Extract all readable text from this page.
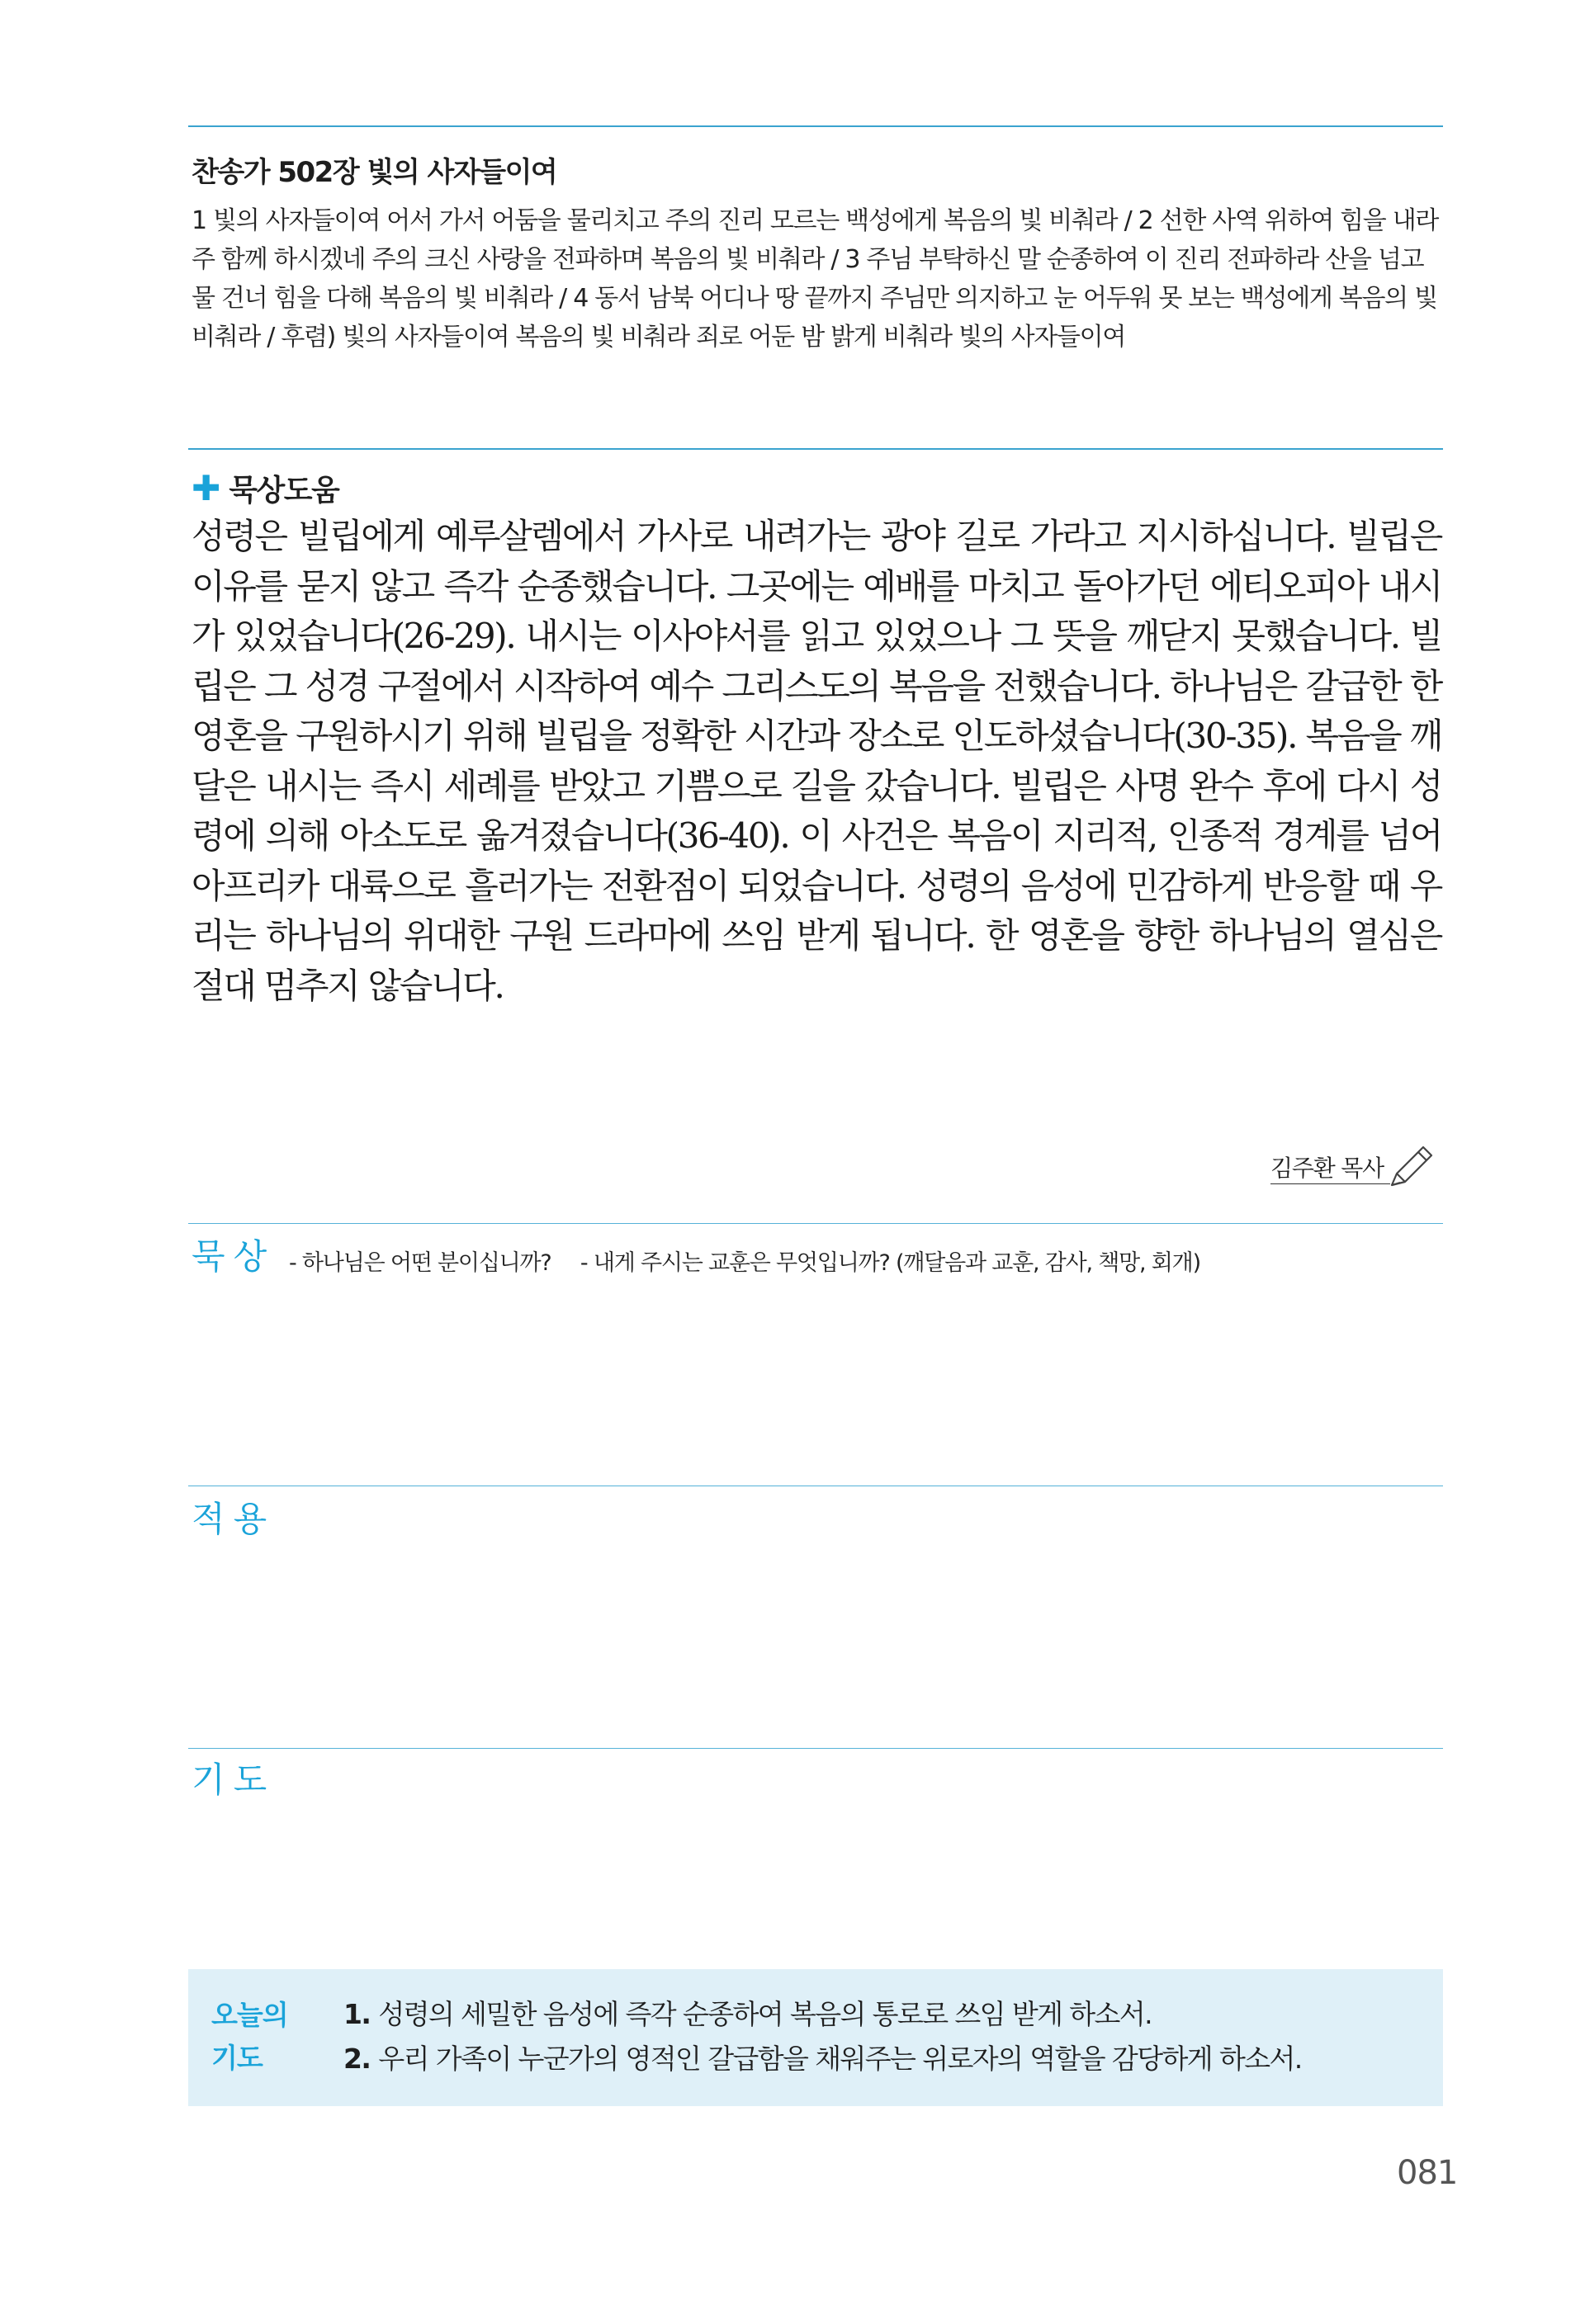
찬송가 502장 빛의 사자들이여
1 빛의 사자들이여 어서 가서 어둠을 물리치고 주의 진리 모르는 백성에게 복음의 빛 비춰라 / 2 선한 사역 위하여 힘을 내라 주 함께 하시겠네 주의 크신 사랑을 전파하며 복음의 빛 비춰라 / 3 주님 부탁하신 말 순종하여 이 진리 전파하라 산을 넘고 물 건너 힘을 다해 복음의 빛 비춰라 / 4 동서 남북 어디나 땅 끝까지 주님만 의지하고 눈 어두워 못 보는 백성에게 복음의 빛 비춰라 / 후렴) 빛의 사자들이여 복음의 빛 비춰라 죄로 어둔 밤 밝게 비춰라 빛의 사자들이여
✚ 묵상도움
성령은 빌립에게 예루살렘에서 가사로 내려가는 광야 길로 가라고 지시하십니다. 빌립은 이유를 묻지 않고 즉각 순종했습니다. 그곳에는 예배를 마치고 돌아가던 에티오피아 내시가 있었습니다(26-29). 내시는 이사야서를 읽고 있었으나 그 뜻을 깨닫지 못했습니다. 빌립은 그 성경 구절에서 시작하여 예수 그리스도의 복음을 전했습니다. 하나님은 갈급한 한 영혼을 구원하시기 위해 빌립을 정확한 시간과 장소로 인도하셨습니다(30-35). 복음을 깨달은 내시는 즉시 세례를 받았고 기쁨으로 길을 갔습니다. 빌립은 사명 완수 후에 다시 성령에 의해 아소도로 옮겨졌습니다(36-40). 이 사건은 복음이 지리적, 인종적 경계를 넘어 아프리카 대륙으로 흘러가는 전환점이 되었습니다. 성령의 음성에 민감하게 반응할 때 우리는 하나님의 위대한 구원 드라마에 쓰임 받게 됩니다. 한 영혼을 향한 하나님의 열심은 절대 멈추지 않습니다.
김주환 목사
묵상 - 하나님은 어떤 분이십니까? - 내게 주시는 교훈은 무엇입니까? (깨달음과 교훈, 감사, 책망, 회개)
적용
기도
오늘의
기도
1. 성령의 세밀한 음성에 즉각 순종하여 복음의 통로로 쓰임 받게 하소서.
2. 우리 가족이 누군가의 영적인 갈급함을 채워주는 위로자의 역할을 감당하게 하소서.
081
